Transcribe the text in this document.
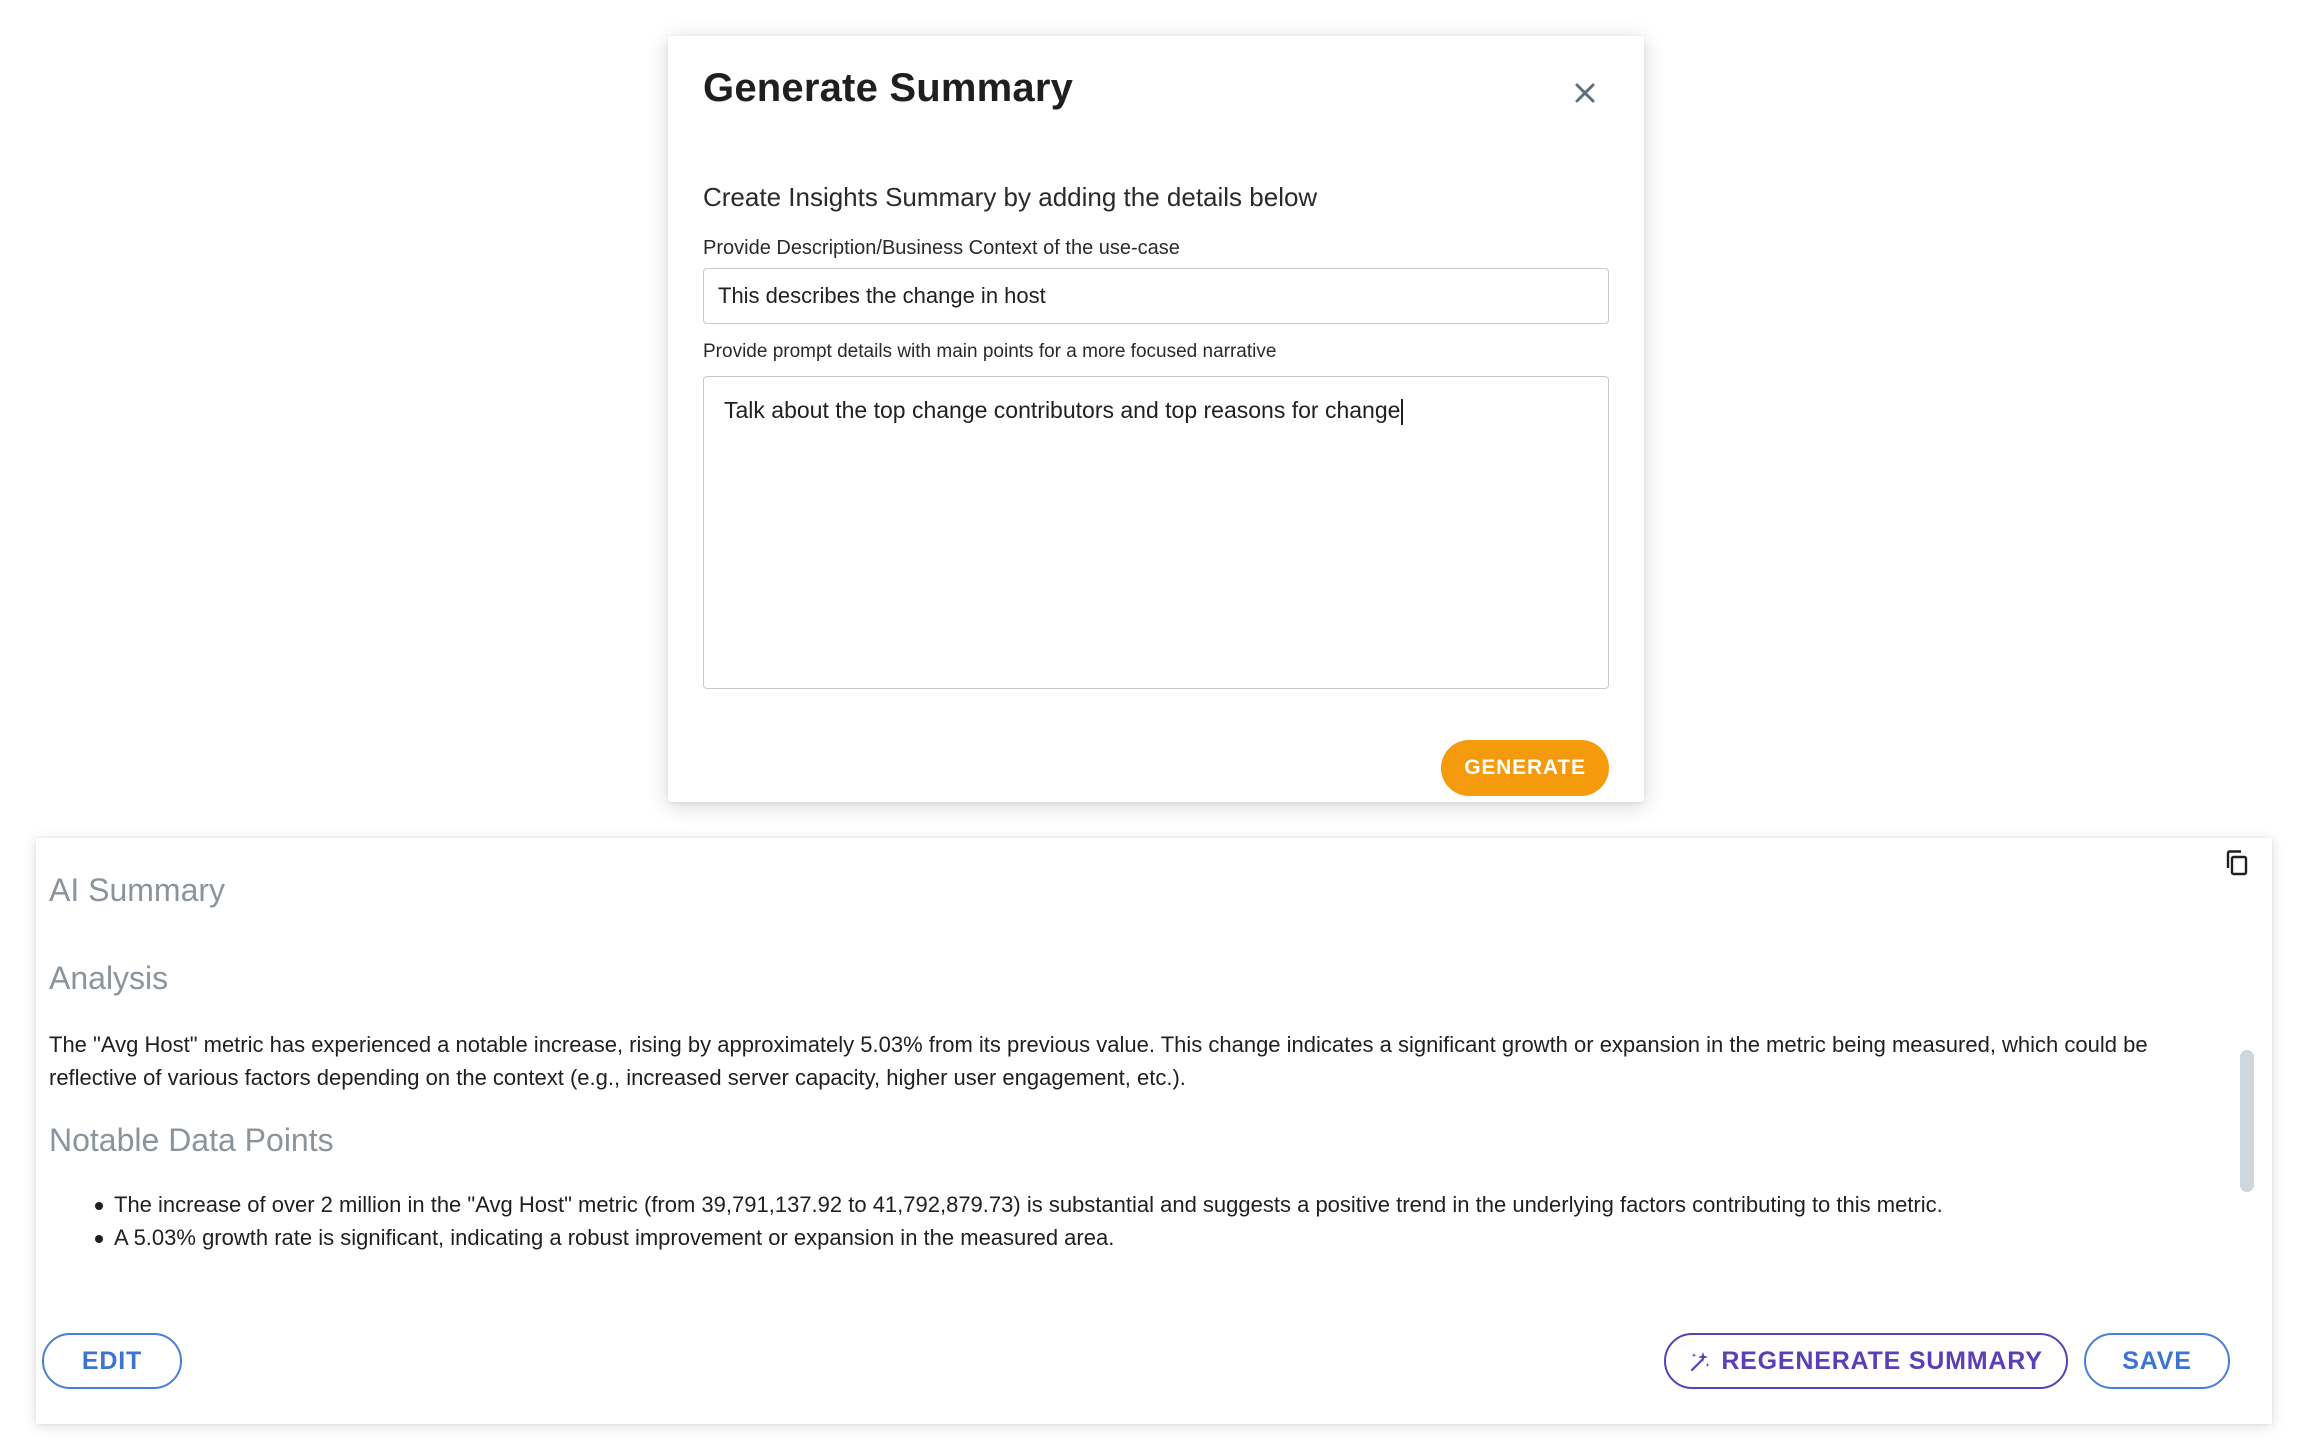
Generate Summary
Create Insights Summary by adding the details below
Provide Description/Business Context of the use-case
This describes the change in host
Provide prompt details with main points for a more focused narrative
Talk about the top change contributors and top reasons for change
GENERATE
AI Summary
Analysis

The "Avg Host" metric has experienced a notable increase, rising by approximately 5.03% from its previous value. This change indicates a significant growth or expansion in the metric being measured, which could be reflective of various factors depending on the context (e.g., increased server capacity, higher user engagement, etc.).

Notable Data Points
The increase of over 2 million in the "Avg Host" metric (from 39,791,137.92 to 41,792,879.73) is substantial and suggests a positive trend in the underlying factors contributing to this metric.
A 5.03% growth rate is significant, indicating a robust improvement or expansion in the measured area.
EDIT	REGENERATE SUMMARY	SAVE
